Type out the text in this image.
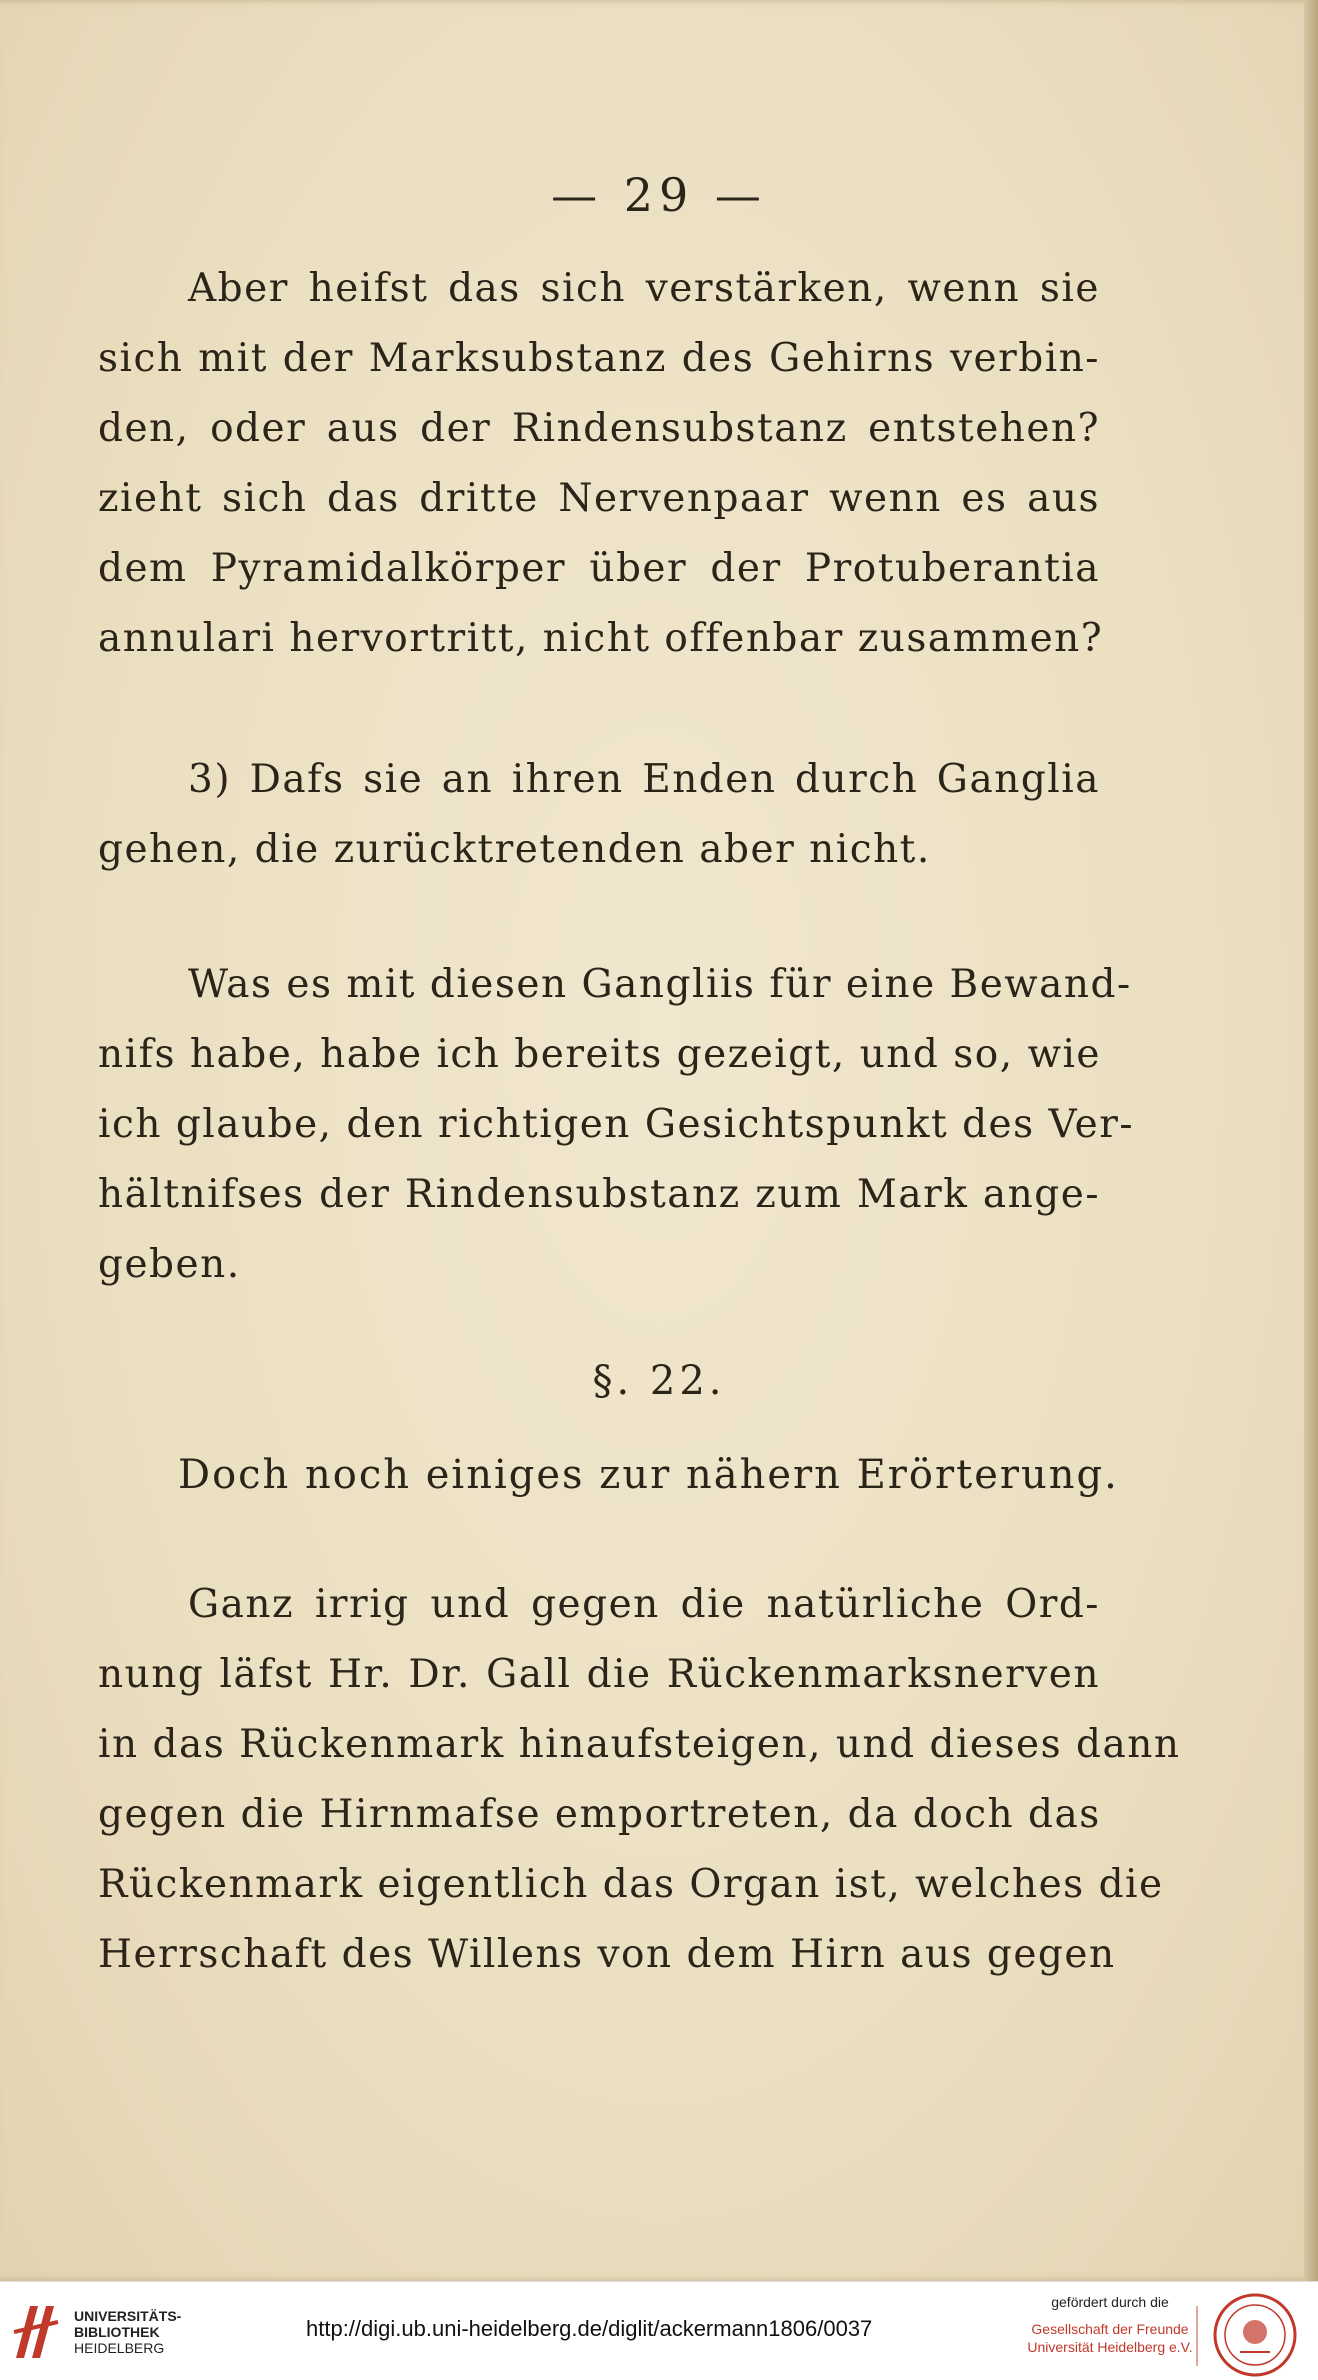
— 29 —
Aber heifst das sich verstärken, wenn sie
sich mit der Marksubstanz des Gehirns verbin-
den, oder aus der Rindensubstanz entstehen?
zieht sich das dritte Nervenpaar wenn es aus
dem Pyramidalkörper über der Protuberantia
annulari hervortritt, nicht offenbar zusammen?
3) Dafs sie an ihren Enden durch Ganglia
gehen, die zurücktretenden aber nicht.
Was es mit diesen Gangliis für eine Bewand-
nifs habe, habe ich bereits gezeigt, und so, wie
ich glaube, den richtigen Gesichtspunkt des Ver-
hältnifses der Rindensubstanz zum Mark ange-
geben.
§. 22.
Doch noch einiges zur nähern Erörterung.
Ganz irrig und gegen die natürliche Ord-
nung läfst Hr. Dr. Gall die Rückenmarksnerven
in das Rückenmark hinaufsteigen, und dieses dann
gegen die Hirnmafse emportreten, da doch das
Rückenmark eigentlich das Organ ist, welches die
Herrschaft des Willens von dem Hirn aus gegen
UNIVERSITÄTS-
BIBLIOTHEK
HEIDELBERG
http://digi.ub.uni-heidelberg.de/diglit/ackermann1806/0037
gefördert durch die
Gesellschaft der Freunde
Universität Heidelberg e.V.
